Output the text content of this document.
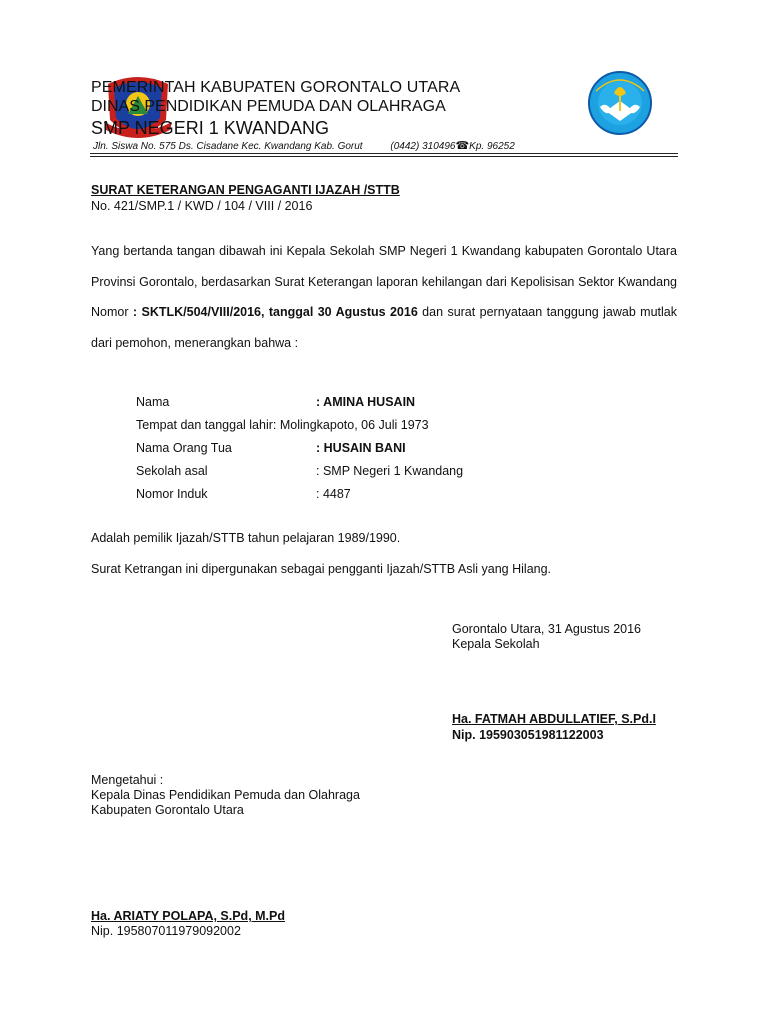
PEMERINTAH KABUPATEN GORONTALO UTARA
DINAS PENDIDIKAN PEMUDA DAN OLAHRAGA
SMP NEGERI 1 KWANDANG
Jln. Siswa No. 575 Ds. Cisadane Kec. Kwandang Kab. Gorut	(0442) 310496☎Kp. 96252
SURAT KETERANGAN PENGAGANTI IJAZAH /STTB
No. 421/SMP.1 / KWD / 104 / VIII / 2016
Yang bertanda tangan dibawah ini Kepala Sekolah SMP Negeri 1 Kwandang kabupaten Gorontalo Utara Provinsi Gorontalo, berdasarkan Surat Keterangan laporan kehilangan dari Kepolisisan Sektor Kwandang Nomor : SKTLK/504/VIII/2016, tanggal 30 Agustus 2016 dan surat pernyataan tanggung jawab mutlak dari pemohon, menerangkan bahwa :
Nama	: AMINA HUSAIN
Tempat dan tanggal lahir: Molingkapoto, 06 Juli 1973
Nama Orang Tua	: HUSAIN BANI
Sekolah asal	: SMP Negeri 1 Kwandang
Nomor Induk	: 4487
Adalah pemilik Ijazah/STTB tahun pelajaran 1989/1990.
Surat Ketrangan ini dipergunakan sebagai pengganti Ijazah/STTB Asli yang Hilang.
Gorontalo Utara, 31 Agustus 2016
Kepala Sekolah
Ha. FATMAH ABDULLATIEF, S.Pd.I
Nip. 195903051981122003
Mengetahui :
Kepala Dinas Pendidikan Pemuda dan Olahraga
Kabupaten Gorontalo Utara
Ha. ARIATY POLAPA, S.Pd, M.Pd
Nip. 195807011979092002
